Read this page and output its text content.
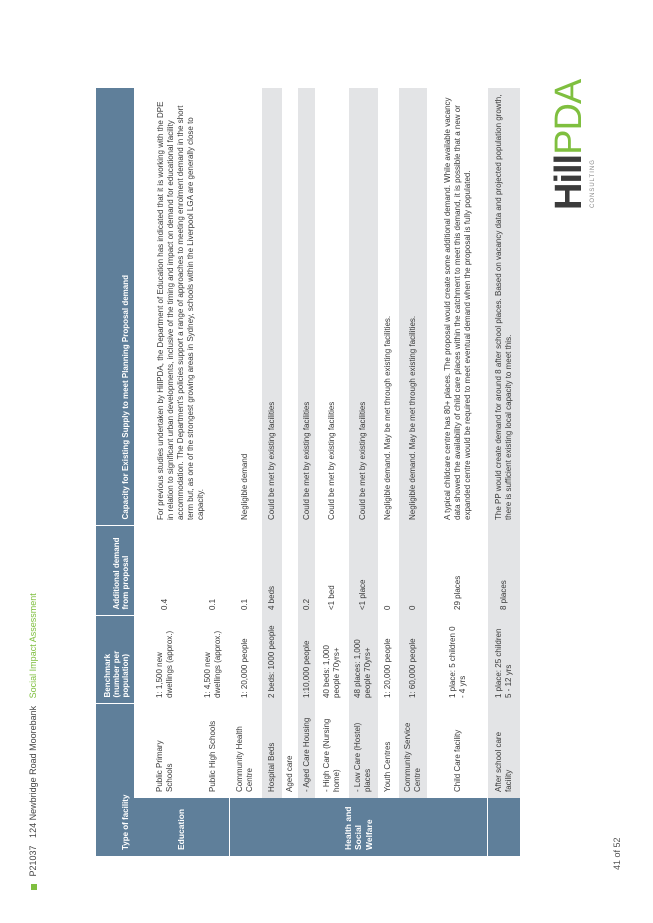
HillPDA
CONSULTING
41 of 52
P21037   124 Newbridge Road Moorebank   Social Impact Assessment
Type of facility		Benchmark (number per population)	Additional demand from proposal	Capacity for Existing Supply to meet Planning Proposal demand
Education	Public Primary Schools	1: 1,500 new dwellings (approx.)	0.4	For previous studies undertaken by HillPDA, the Department of Education has indicated that it is working with the DPE in relation to significant urban developments, inclusive of the timing and impact on demand for educational facility accommodation. The Department's policies support a range of approaches to meeting enrolment demand in the short term but, as one of the strongest growing areas in Sydney, schools within the Liverpool LGA are generally close to capacity.
	Public High Schools	1: 4,500 new dwellings (approx.)	0.1	
Health and Social Welfare	Community Health Centre	1: 20,000 people	0.1	Negligible demand
	Hospital Beds	2 beds: 1000 people	4 beds	Could be met by existing facilities
	Aged care			
	- Aged Care Housing	1:10,000 people	0.2	Could be met by existing facilities
	- High Care (Nursing home)	40 beds: 1,000 people 70yrs+	<1 bed	Could be met by existing facilities
	- Low Care (Hostel) places	48 places: 1,000 people 70yrs+	<1 place	Could be met by existing facilities
	Youth Centres	1: 20,000 people	0	Negligible demand. May be met through existing facilities.
	Community Service Centre	1: 60,000 people	0	Negligible demand. May be met through existing facilities.
	Child Care facility	1 place: 5 children 0 - 4 yrs	29 places	A typical childcare centre has 80+ places. The proposal would create some additional demand. While available vacancy data showed the availability of child care places within the catchment to meet this demand, it is possible that a new or expanded centre would be required to meet eventual demand when the proposal is fully populated.
	After school care facility	1 place: 25 children 5 - 12 yrs	8 places	The PP would create demand for around 8 after school places. Based on vacancy data and projected population growth, there is sufficient existing local capacity to meet this.
